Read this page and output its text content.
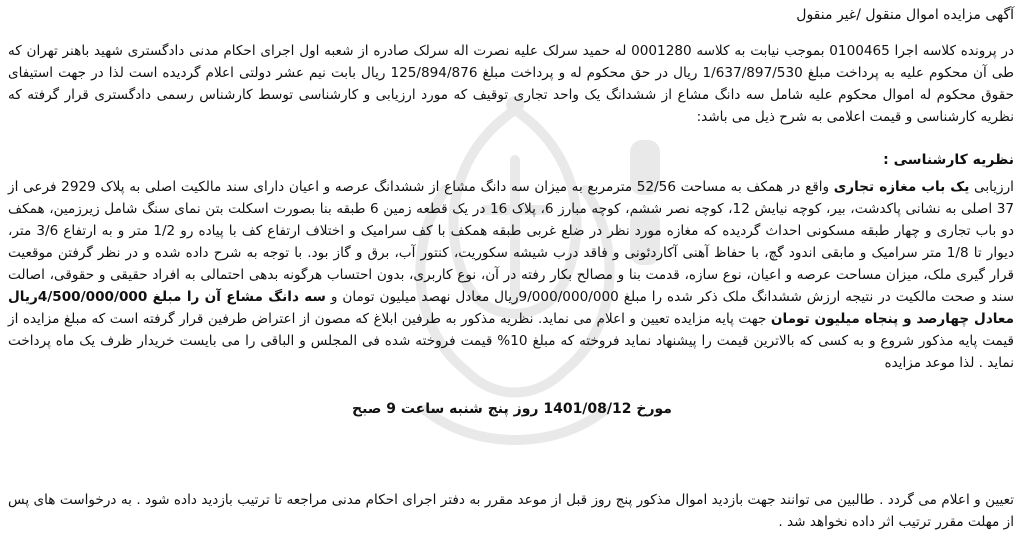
آگهی مزایده اموال منقول /غیر منقول
در پرونده کلاسه اجرا 0100465 بموجب نیابت به کلاسه 0001280 له حمید سرلک علیه نصرت اله سرلک صادره از شعبه اول اجرای احکام مدنی دادگستری شهید باهنر تهران که طی آن محکوم علیه به پرداخت مبلغ 1/637/897/530 ریال در حق محکوم له و پرداخت مبلغ 125/894/876 ریال بابت نیم عشر دولتی اعلام گردیده است لذا در جهت استیفای حقوق محکوم له اموال محکوم علیه شامل سه دانگ مشاع از ششدانگ یک واحد تجاری توقیف که مورد ارزیابی و کارشناسی توسط کارشناس رسمی دادگستری قرار گرفته که نظریه کارشناسی و قیمت اعلامی به شرح ذیل می باشد:
نظریه کارشناسی :
ارزیابی یک باب مغازه تجاری واقع در همکف به مساحت 52/56 مترمربع به میزان سه دانگ مشاع از ششدانگ عرصه و اعیان دارای سند مالکیت اصلی به پلاک 2929 فرعی از 37 اصلی به نشانی پاکدشت، بیر، کوچه نیایش 12، کوچه نصر ششم، کوچه مبارز 6، پلاک 16 در یک قطعه زمین 6 طبقه بنا بصورت اسکلت بتن نمای سنگ شامل زیرزمین، همکف دو باب تجاری و چهار طبقه مسکونی احداث گردیده که مغازه مورد نظر در ضلع غربی طبقه همکف با کف سرامیک و اختلاف ارتفاع کف با پیاده رو 1/2 متر و به ارتفاع 3/6 متر، دیوار تا 1/8 متر سرامیک و مابقی اندود گچ، با حفاظ آهنی آکاردئونی و فاقد درب شیشه سکوریت، کنتور آب، برق و گاز بود. با توجه به شرح داده شده و در نظر گرفتن موقعیت قرار گیری ملک، میزان مساحت عرصه و اعیان، نوع سازه، قدمت بنا و مصالح بکار رفته در آن، نوع کاربری، بدون احتساب هرگونه بدهی احتمالی به افراد حقیقی و حقوقی، اصالت سند و صحت مالکیت در نتیجه ارزش ششدانگ ملک ذکر شده را مبلغ 9/000/000/000ریال معادل نهصد میلیون تومان و سه دانگ مشاع آن را مبلغ 4/500/000/000ریال معادل چهارصد و پنجاه میلیون تومان جهت پایه مزایده تعیین و اعلام می نماید. نظریه مذکور به طرفین ابلاغ که مصون از اعتراض طرفین قرار گرفته است که مبلغ مزایده از قیمت پایه مذکور شروع و به کسی که بالاترین قیمت را پیشنهاد نماید فروخته که مبلغ 10% قیمت فروخته شده فی المجلس و الباقی را می بایست خریدار ظرف یک ماه پرداخت نماید . لذا موعد مزایده
مورخ 1401/08/12 روز پنج شنبه ساعت 9 صبح
تعیین و اعلام می گردد . طالبین می توانند جهت بازدید اموال مذکور پنج روز قبل از موعد مقرر به دفتر اجرای احکام مدنی مراجعه تا ترتیب بازدید داده شود . به درخواست های پس از مهلت مقرر ترتیب اثر داده نخواهد شد .
